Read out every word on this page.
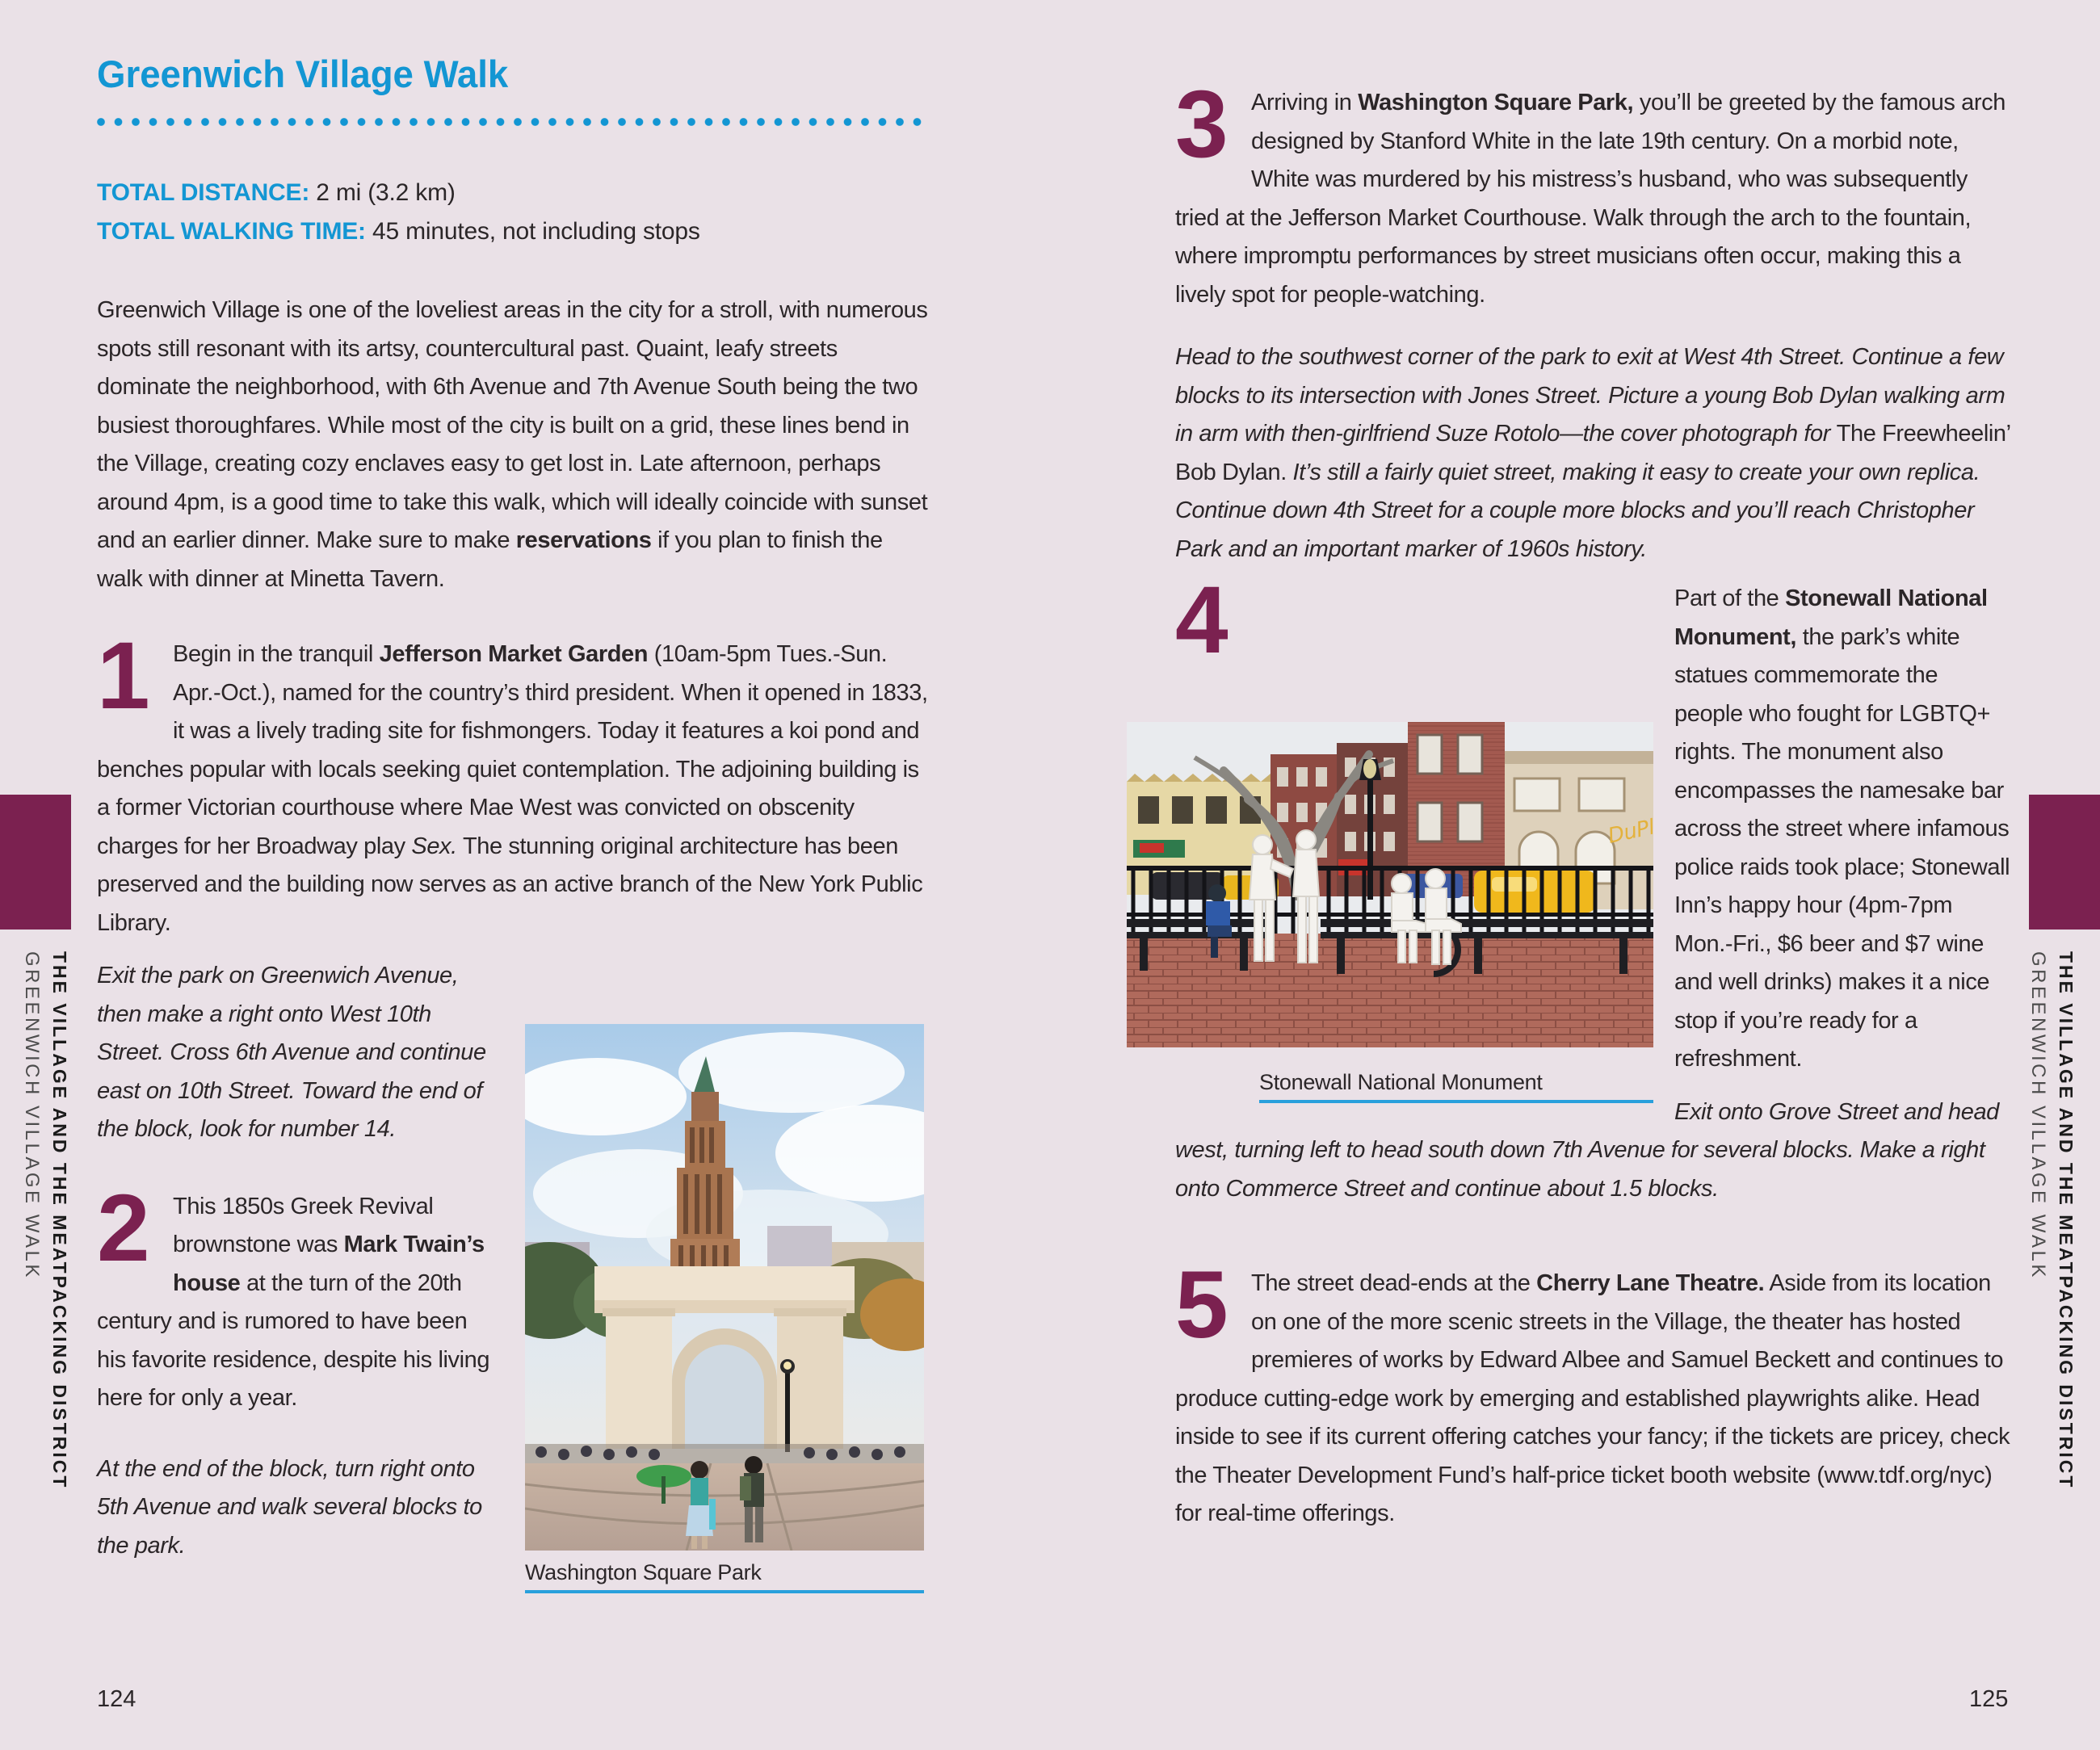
Greenwich Village Walk
TOTAL DISTANCE: 2 mi (3.2 km)
TOTAL WALKING TIME: 45 minutes, not including stops

Greenwich Village is one of the loveliest areas in the city for a stroll, with numerous spots still resonant with its artsy, countercultural past. Quaint, leafy streets dominate the neighborhood, with 6th Avenue and 7th Avenue South being the two busiest thoroughfares. While most of the city is built on a grid, these lines bend in the Village, creating cozy enclaves easy to get lost in. Late afternoon, perhaps around 4pm, is a good time to take this walk, which will ideally coincide with sunset and an earlier dinner. Make sure to make reservations if you plan to finish the walk with dinner at Minetta Tavern.

1	Begin in the tranquil Jefferson Market Garden (10am-5pm Tues.-Sun. Apr.-Oct.), named for the country’s third president. When it opened in 1833, it was a lively trading site for fishmongers. Today it features a koi pond and benches popular with locals seeking quiet contemplation. The adjoining building is a former Victorian courthouse where Mae West was convicted on obscenity charges for her Broadway play Sex. The stunning original architecture has been preserved and the building now serves as an active branch of the New York Public Library.

Washington Square Park
Exit the park on Greenwich Avenue, then make a right onto West 10th Street. Cross 6th Avenue and continue east on 10th Street. Toward the end of the block, look for number 14.

2	This 1850s Greek Revival brownstone was Mark Twain’s house at the turn of the 20th century and is rumored to have been his favorite residence, despite his living here for only a year.

At the end of the block, turn right onto 5th Avenue and walk several blocks to the park.

3	Arriving in Washington Square Park, you’ll be greeted by the famous arch designed by Stanford White in the late 19th century. On a morbid note, White was murdered by his mistress’s husband, who was subsequently tried at the Jefferson Market Courthouse. Walk through the arch to the fountain, where impromptu performances by street musicians often occur, making this a lively spot for people-watching.

Head to the southwest corner of the park to exit at West 4th Street. Continue a few blocks to its intersection with Jones Street. Picture a young Bob Dylan walking arm in arm with then-girlfriend Suze Rotolo—the cover photograph for The Freewheelin’ Bob Dylan. It’s still a fairly quiet street, making it easy to create your own replica. Continue down 4th Street for a couple more blocks and you’ll reach Christopher Park and an important marker of 1960s history.

4
DuPl
Stonewall National Monument
Part of the Stonewall National Monument, the park’s white statues commemorate the people who fought for LGBTQ+ rights. The monument also encompasses the namesake bar across the street where infamous police raids took place; Stonewall Inn’s happy hour (4pm-7pm Mon.-Fri., $6 beer and $7 wine and well drinks) makes it a nice stop if you’re ready for a refreshment.

Exit onto Grove Street and head west, turning left to head south down 7th Avenue for several blocks. Make a right onto Commerce Street and continue about 1.5 blocks.

5	The street dead-ends at the Cherry Lane Theatre. Aside from its location on one of the more scenic streets in the Village, the theater has hosted premieres of works by Edward Albee and Samuel Beckett and continues to produce cutting-edge work by emerging and established playwrights alike. Head inside to see if its current offering catches your fancy; if the tickets are pricey, check the Theater Development Fund’s half-price ticket booth website (www.tdf.org/nyc) for real-time offerings.

THE VILLAGE AND THE MEATPACKING DISTRICT
GREENWICH VILLAGE WALK	THE VILLAGE AND THE MEATPACKING DISTRICT
GREENWICH VILLAGE WALK
124	125
